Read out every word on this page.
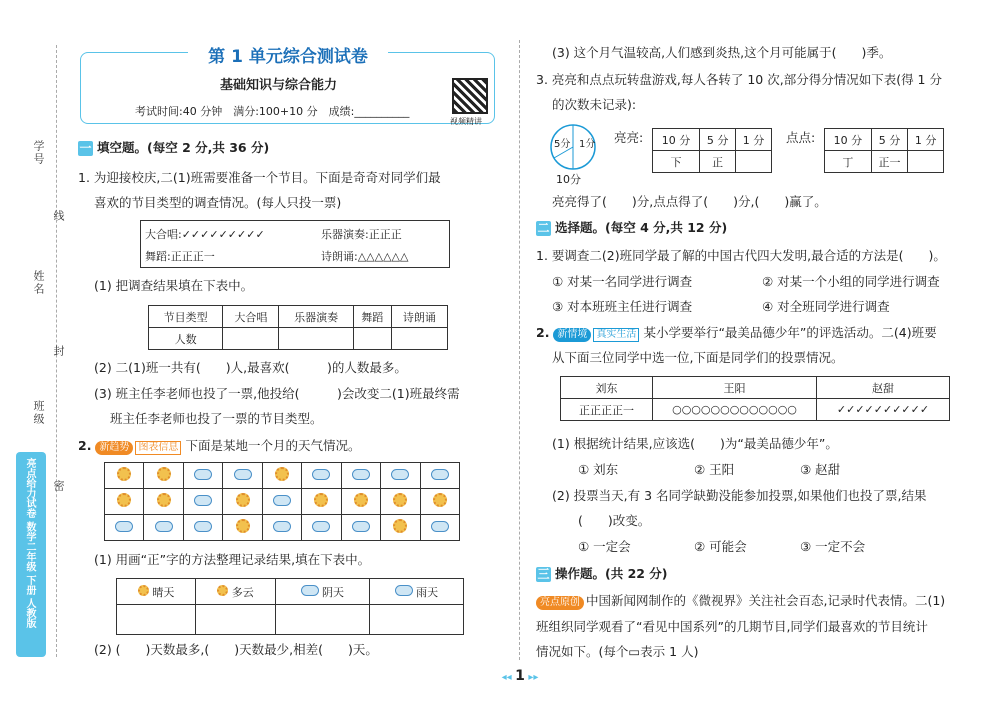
学号
姓名
班级
线
封
密
亮点给力试卷 数学二年级 下册 人教版
第 1 单元综合测试卷
基础知识与综合能力
考试时间:40 分钟　满分:100+10 分　成绩:__________
视频精讲
一 填空题。(每空 2 分,共 36 分)
1. 为迎接校庆,二(1)班需要准备一个节目。下面是奇奇对同学们最
喜欢的节目类型的调查情况。(每人只投一票)
大合唱:✓✓✓✓✓✓✓✓✓	乐器演奏:正正正
舞蹈:正正正一	诗朗诵:△△△△△△
(1) 把调查结果填在下表中。
节目类型	大合唱	乐器演奏	舞蹈	诗朗诵
人数				
(2) 二(1)班一共有(　　)人,最喜欢(　　　)的人数最多。
(3) 班主任李老师也投了一票,他投给(　　　)会改变二(1)班最终需
班主任李老师也投了一票的节目类型。
2. 新趋势 图表信息 下面是某地一个月的天气情况。

(1) 用画“正”字的方法整理记录结果,填在下表中。
晴天	多云	阴天	雨天

(2) (　　)天数最多,(　　)天数最少,相差(　　)天。
(3) 这个月气温较高,人们感到炎热,这个月可能属于(　　)季。
3. 亮亮和点点玩转盘游戏,每人各转了 10 次,部分得分情况如下表(得 1 分
的次数未记录):
5分 1分
10分
亮亮: 10 分	5 分	1 分
下	正	
点点: 10 分	5 分	1 分
丁	正一	
亮亮得了(　　)分,点点得了(　　)分,(　　)赢了。
二 选择题。(每空 4 分,共 12 分)
1. 要调查二(2)班同学最了解的中国古代四大发明,最合适的方法是(　　)。
① 对某一名同学进行调查	② 对某一个小组的同学进行调查
③ 对本班班主任进行调查	④ 对全班同学进行调查
2. 新情境 真实生活 某小学要举行“最美品德少年”的评选活动。二(4)班要
从下面三位同学中选一位,下面是同学们的投票情况。
刘东	王阳	赵甜
正正正正一	○○○○○○○○○○○○○	✓✓✓✓✓✓✓✓✓✓
(1) 根据统计结果,应该选(　　)为“最美品德少年”。
① 刘东	② 王阳	③ 赵甜
(2) 投票当天,有 3 名同学缺勤没能参加投票,如果他们也投了票,结果
(　　)改变。
① 一定会	② 可能会	③ 一定不会
三 操作题。(共 22 分)
亮点原创 中国新闻网制作的《微视界》关注社会百态,记录时代表情。二(1)
班组织同学观看了“看见中国系列”的几期节目,同学们最喜欢的节目统计
情况如下。(每个▭表示 1 人)
◂◂ 1 ▸▸
